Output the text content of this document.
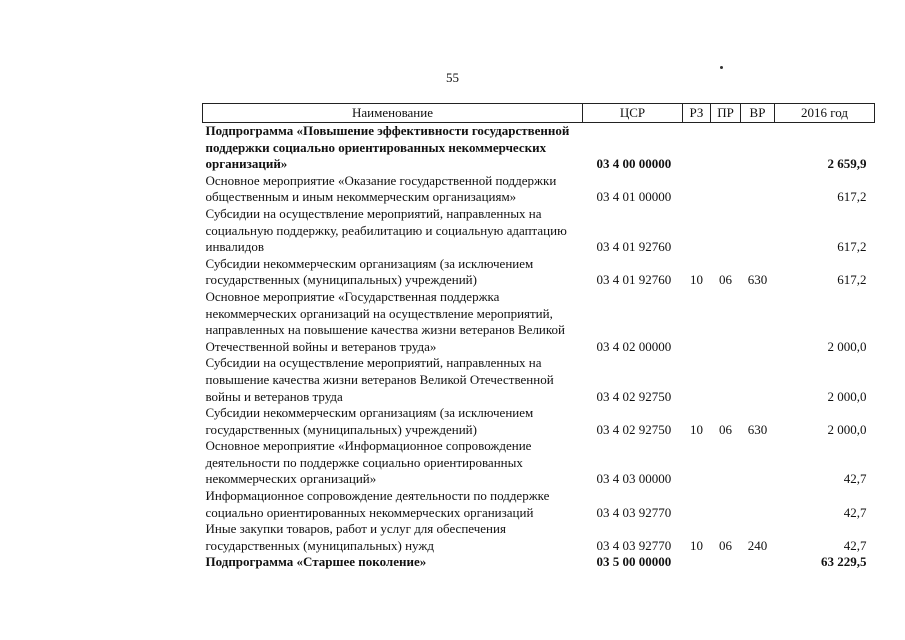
55
Наименование	ЦСР	РЗ	ПР	ВР	2016 год
Подпрограмма «Повышение эффективности государственной поддержки социально ориентированных некоммерческих организаций»	03 4 00 00000				2 659,9
Основное мероприятие «Оказание государственной поддержки общественным и иным некоммерческим организациям»	03 4 01 00000				617,2
Субсидии на осуществление мероприятий, направленных на социальную поддержку, реабилитацию и социальную адаптацию инвалидов	03 4 01 92760				617,2
Субсидии некоммерческим организациям (за исключением государственных (муниципальных) учреждений)	03 4 01 92760	10	06	630	617,2
Основное мероприятие «Государственная поддержка некоммерческих организаций на осуществление мероприятий, направленных на повышение качества жизни ветеранов Великой Отечественной войны и ветеранов труда»	03 4 02 00000				2 000,0
Субсидии на осуществление мероприятий, направленных на повышение качества жизни ветеранов Великой Отечественной войны и ветеранов труда	03 4 02 92750				2 000,0
Субсидии некоммерческим организациям (за исключением государственных (муниципальных) учреждений)	03 4 02 92750	10	06	630	2 000,0
Основное мероприятие «Информационное сопровождение деятельности по поддержке социально ориентированных некоммерческих организаций»	03 4 03 00000				42,7
Информационное сопровождение деятельности по поддержке социально ориентированных некоммерческих организаций	03 4 03 92770				42,7
Иные закупки товаров, работ и услуг для обеспечения государственных (муниципальных) нужд	03 4 03 92770	10	06	240	42,7
Подпрограмма «Старшее поколение»	03 5 00 00000				63 229,5
